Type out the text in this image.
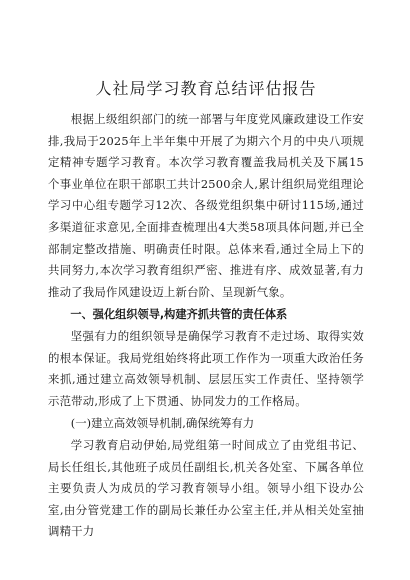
人社局学习教育总结评估报告

根据上级组织部门的统一部署与年度党风廉政建设工作安排,我局于2025年上半年集中开展了为期六个月的中央八项规定精神专题学习教育。本次学习教育覆盖我局机关及下属15个事业单位在职干部职工共计2500余人,累计组织局党组理论学习中心组专题学习12次、各级党组织集中研讨115场,通过多渠道征求意见,全面排查梳理出4大类58项具体问题,并已全部制定整改措施、明确责任时限。总体来看,通过全局上下的共同努力,本次学习教育组织严密、推进有序、成效显著,有力推动了我局作风建设迈上新台阶、呈现新气象。

一、强化组织领导,构建齐抓共管的责任体系

坚强有力的组织领导是确保学习教育不走过场、取得实效的根本保证。我局党组始终将此项工作作为一项重大政治任务来抓,通过建立高效领导机制、层层压实工作责任、坚持领学示范带动,形成了上下贯通、协同发力的工作格局。

(一)建立高效领导机制,确保统筹有力

学习教育启动伊始,局党组第一时间成立了由党组书记、局长任组长,其他班子成员任副组长,机关各处室、下属各单位主要负责人为成员的学习教育领导小组。领导小组下设办公室,由分管党建工作的副局长兼任办公室主任,并从相关处室抽调精干力
